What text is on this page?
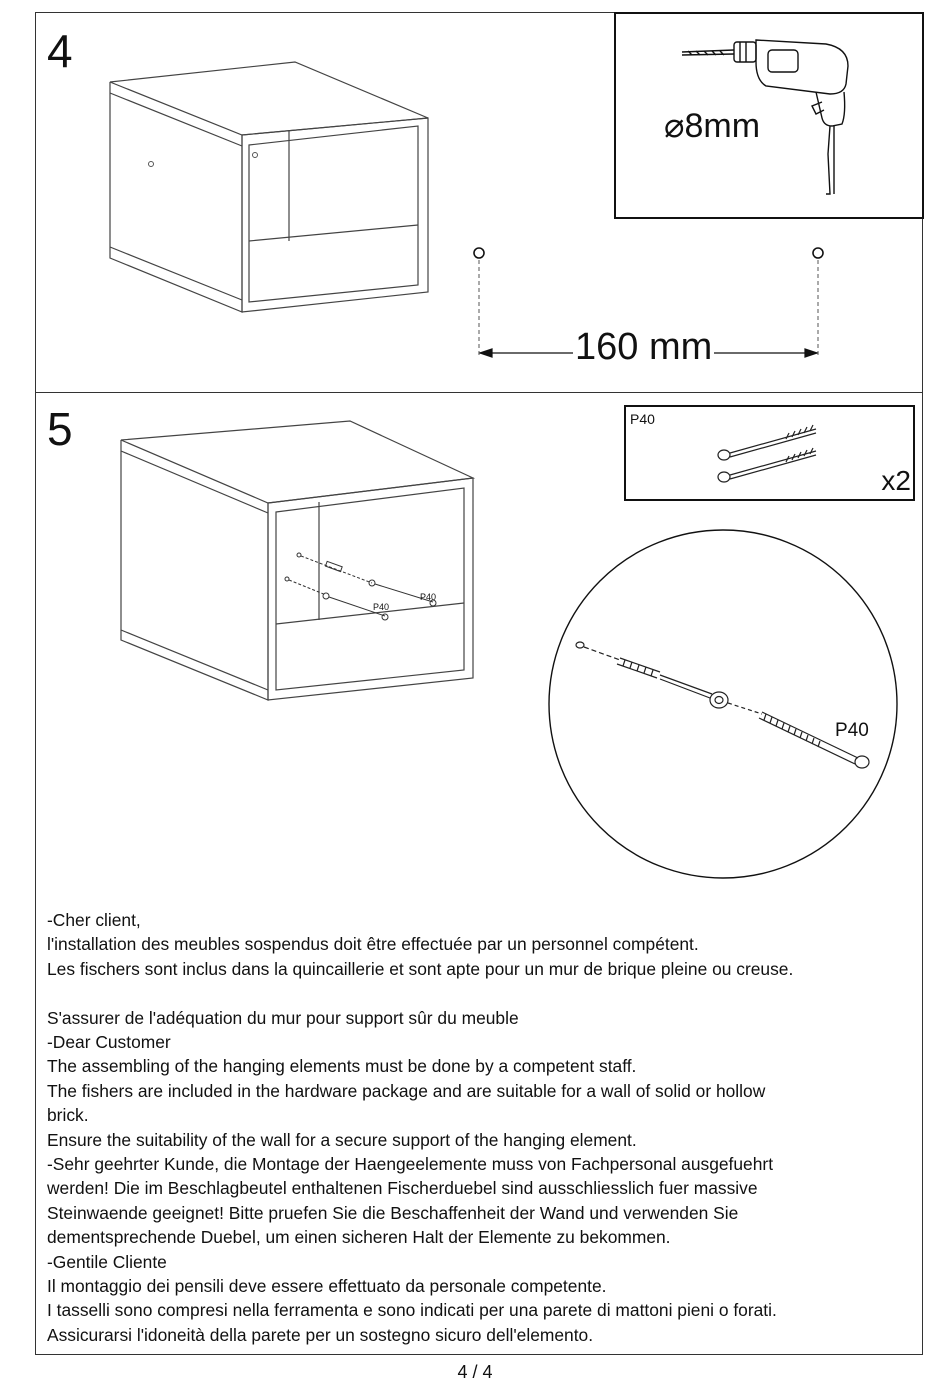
4
⌀8mm
160 mm
5	P40
x2
P40
P40
P40

-Cher client,

l'installation des meubles sospendus doit être effectuée par un personnel compétent.

Les fischers sont inclus dans la quincaillerie et sont apte pour un mur de brique pleine ou creuse.

S'assurer de l'adéquation du mur pour support sûr du meuble

-Dear Customer

The assembling of the hanging elements must be done by a competent staff.

The fishers are included in the hardware package and are suitable for a wall of solid or hollow

brick.

Ensure the suitability of the wall for a secure support of the hanging element.

-Sehr geehrter Kunde, die Montage der Haengeelemente muss von Fachpersonal ausgefuehrt

werden! Die im Beschlagbeutel enthaltenen Fischerduebel sind ausschliesslich fuer massive

Steinwaende geeignet! Bitte pruefen Sie die Beschaffenheit der Wand und verwenden Sie

dementsprechende Duebel, um einen sicheren Halt der Elemente zu bekommen.

-Gentile Cliente

Il montaggio dei pensili deve essere effettuato da personale competente.

I tasselli sono compresi nella ferramenta e sono indicati per una parete di mattoni pieni o forati.

Assicurarsi l'idoneità della parete per un sostegno sicuro dell'elemento.

4 / 4
